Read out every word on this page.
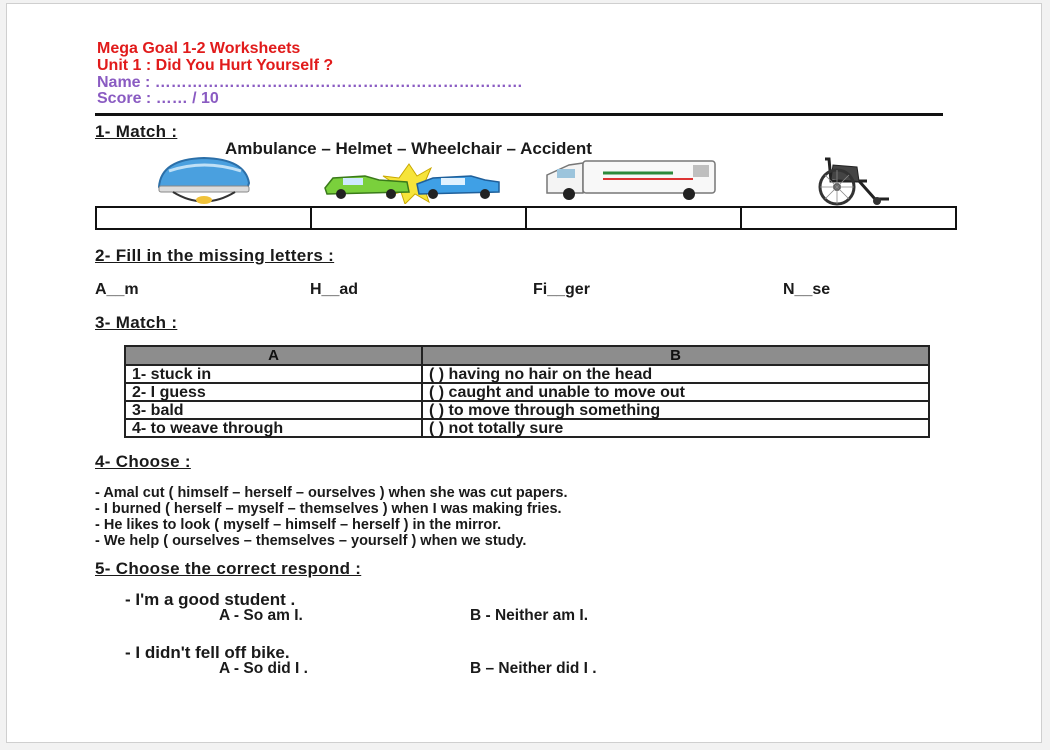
Mega Goal 1-2 Worksheets
Unit 1 : Did You Hurt Yourself ?
Name : ……………………………………………………………
Score : …… / 10
1- Match :
Ambulance – Helmet – Wheelchair – Accident
2- Fill in the missing letters :
A__m	H__ad	Fi__ger	N__se
3- Match :
A	B
1- stuck in	( ) having no hair on the head
2- I guess	( ) caught and unable to move out
3- bald	( ) to move through something
4- to weave through	( ) not totally sure
4- Choose :
- Amal cut ( himself – herself – ourselves ) when she was cut papers.
- I burned ( herself – myself – themselves ) when I was making fries.
- He likes to look ( myself – himself – herself ) in the mirror.
- We help ( ourselves – themselves – yourself ) when we study.
5- Choose the correct respond :
- I'm a good student .
A - So am I.	B - Neither am I.
- I didn't fell off bike.
A - So did I .	B – Neither did I .
